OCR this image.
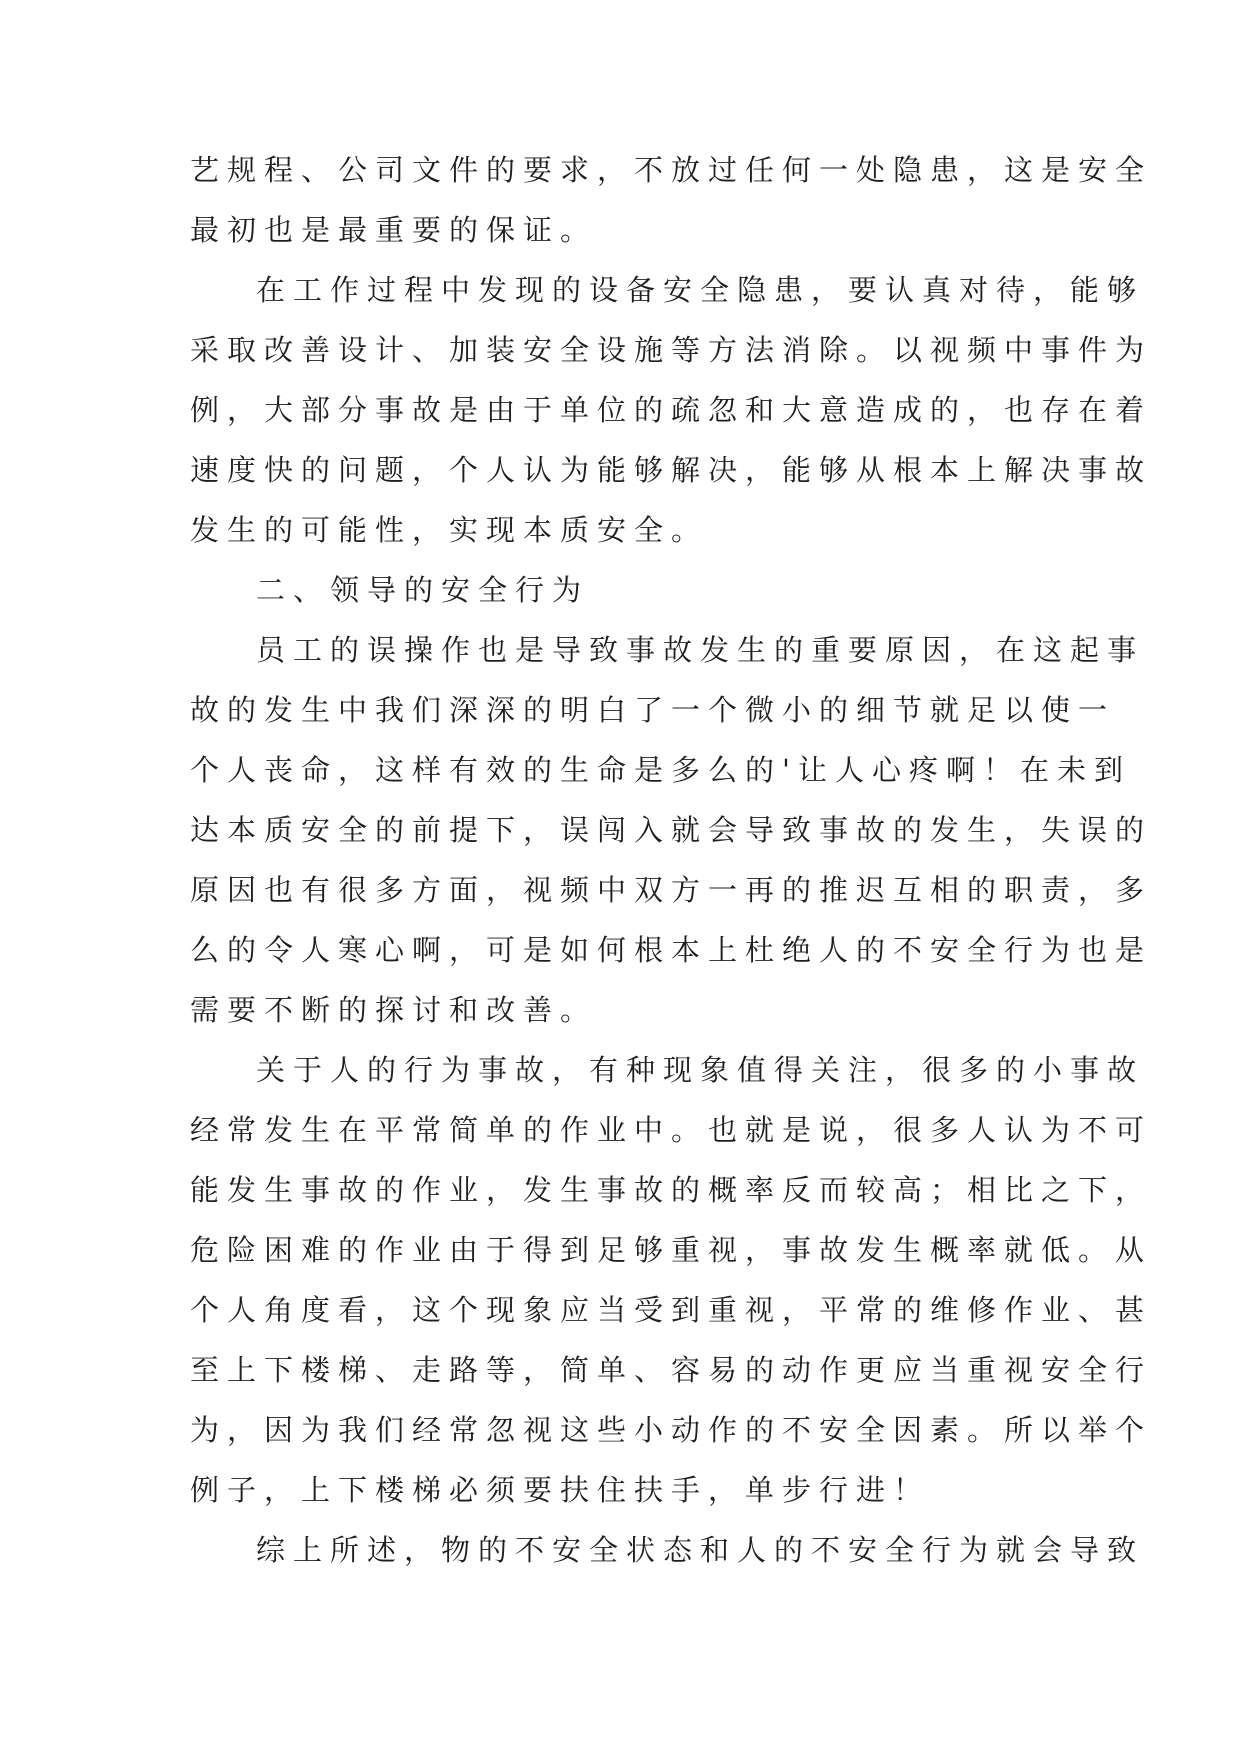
艺规程、公司文件的要求，不放过任何一处隐患，这是安全
最初也是最重要的保证。
在工作过程中发现的设备安全隐患，要认真对待，能够
采取改善设计、加装安全设施等方法消除。以视频中事件为
例，大部分事故是由于单位的疏忽和大意造成的，也存在着
速度快的问题，个人认为能够解决，能够从根本上解决事故
发生的可能性，实现本质安全。
二、领导的安全行为
员工的误操作也是导致事故发生的重要原因，在这起事
故的发生中我们深深的明白了一个微小的细节就足以使一
个人丧命，这样有效的生命是多么的'让人心疼啊！在未到
达本质安全的前提下，误闯入就会导致事故的发生，失误的
原因也有很多方面，视频中双方一再的推迟互相的职责，多
么的令人寒心啊，可是如何根本上杜绝人的不安全行为也是
需要不断的探讨和改善。
关于人的行为事故，有种现象值得关注，很多的小事故
经常发生在平常简单的作业中。也就是说，很多人认为不可
能发生事故的作业，发生事故的概率反而较高；相比之下，
危险困难的作业由于得到足够重视，事故发生概率就低。从
个人角度看，这个现象应当受到重视，平常的维修作业、甚
至上下楼梯、走路等，简单、容易的动作更应当重视安全行
为，因为我们经常忽视这些小动作的不安全因素。所以举个
例子，上下楼梯必须要扶住扶手，单步行进！
综上所述，物的不安全状态和人的不安全行为就会导致
